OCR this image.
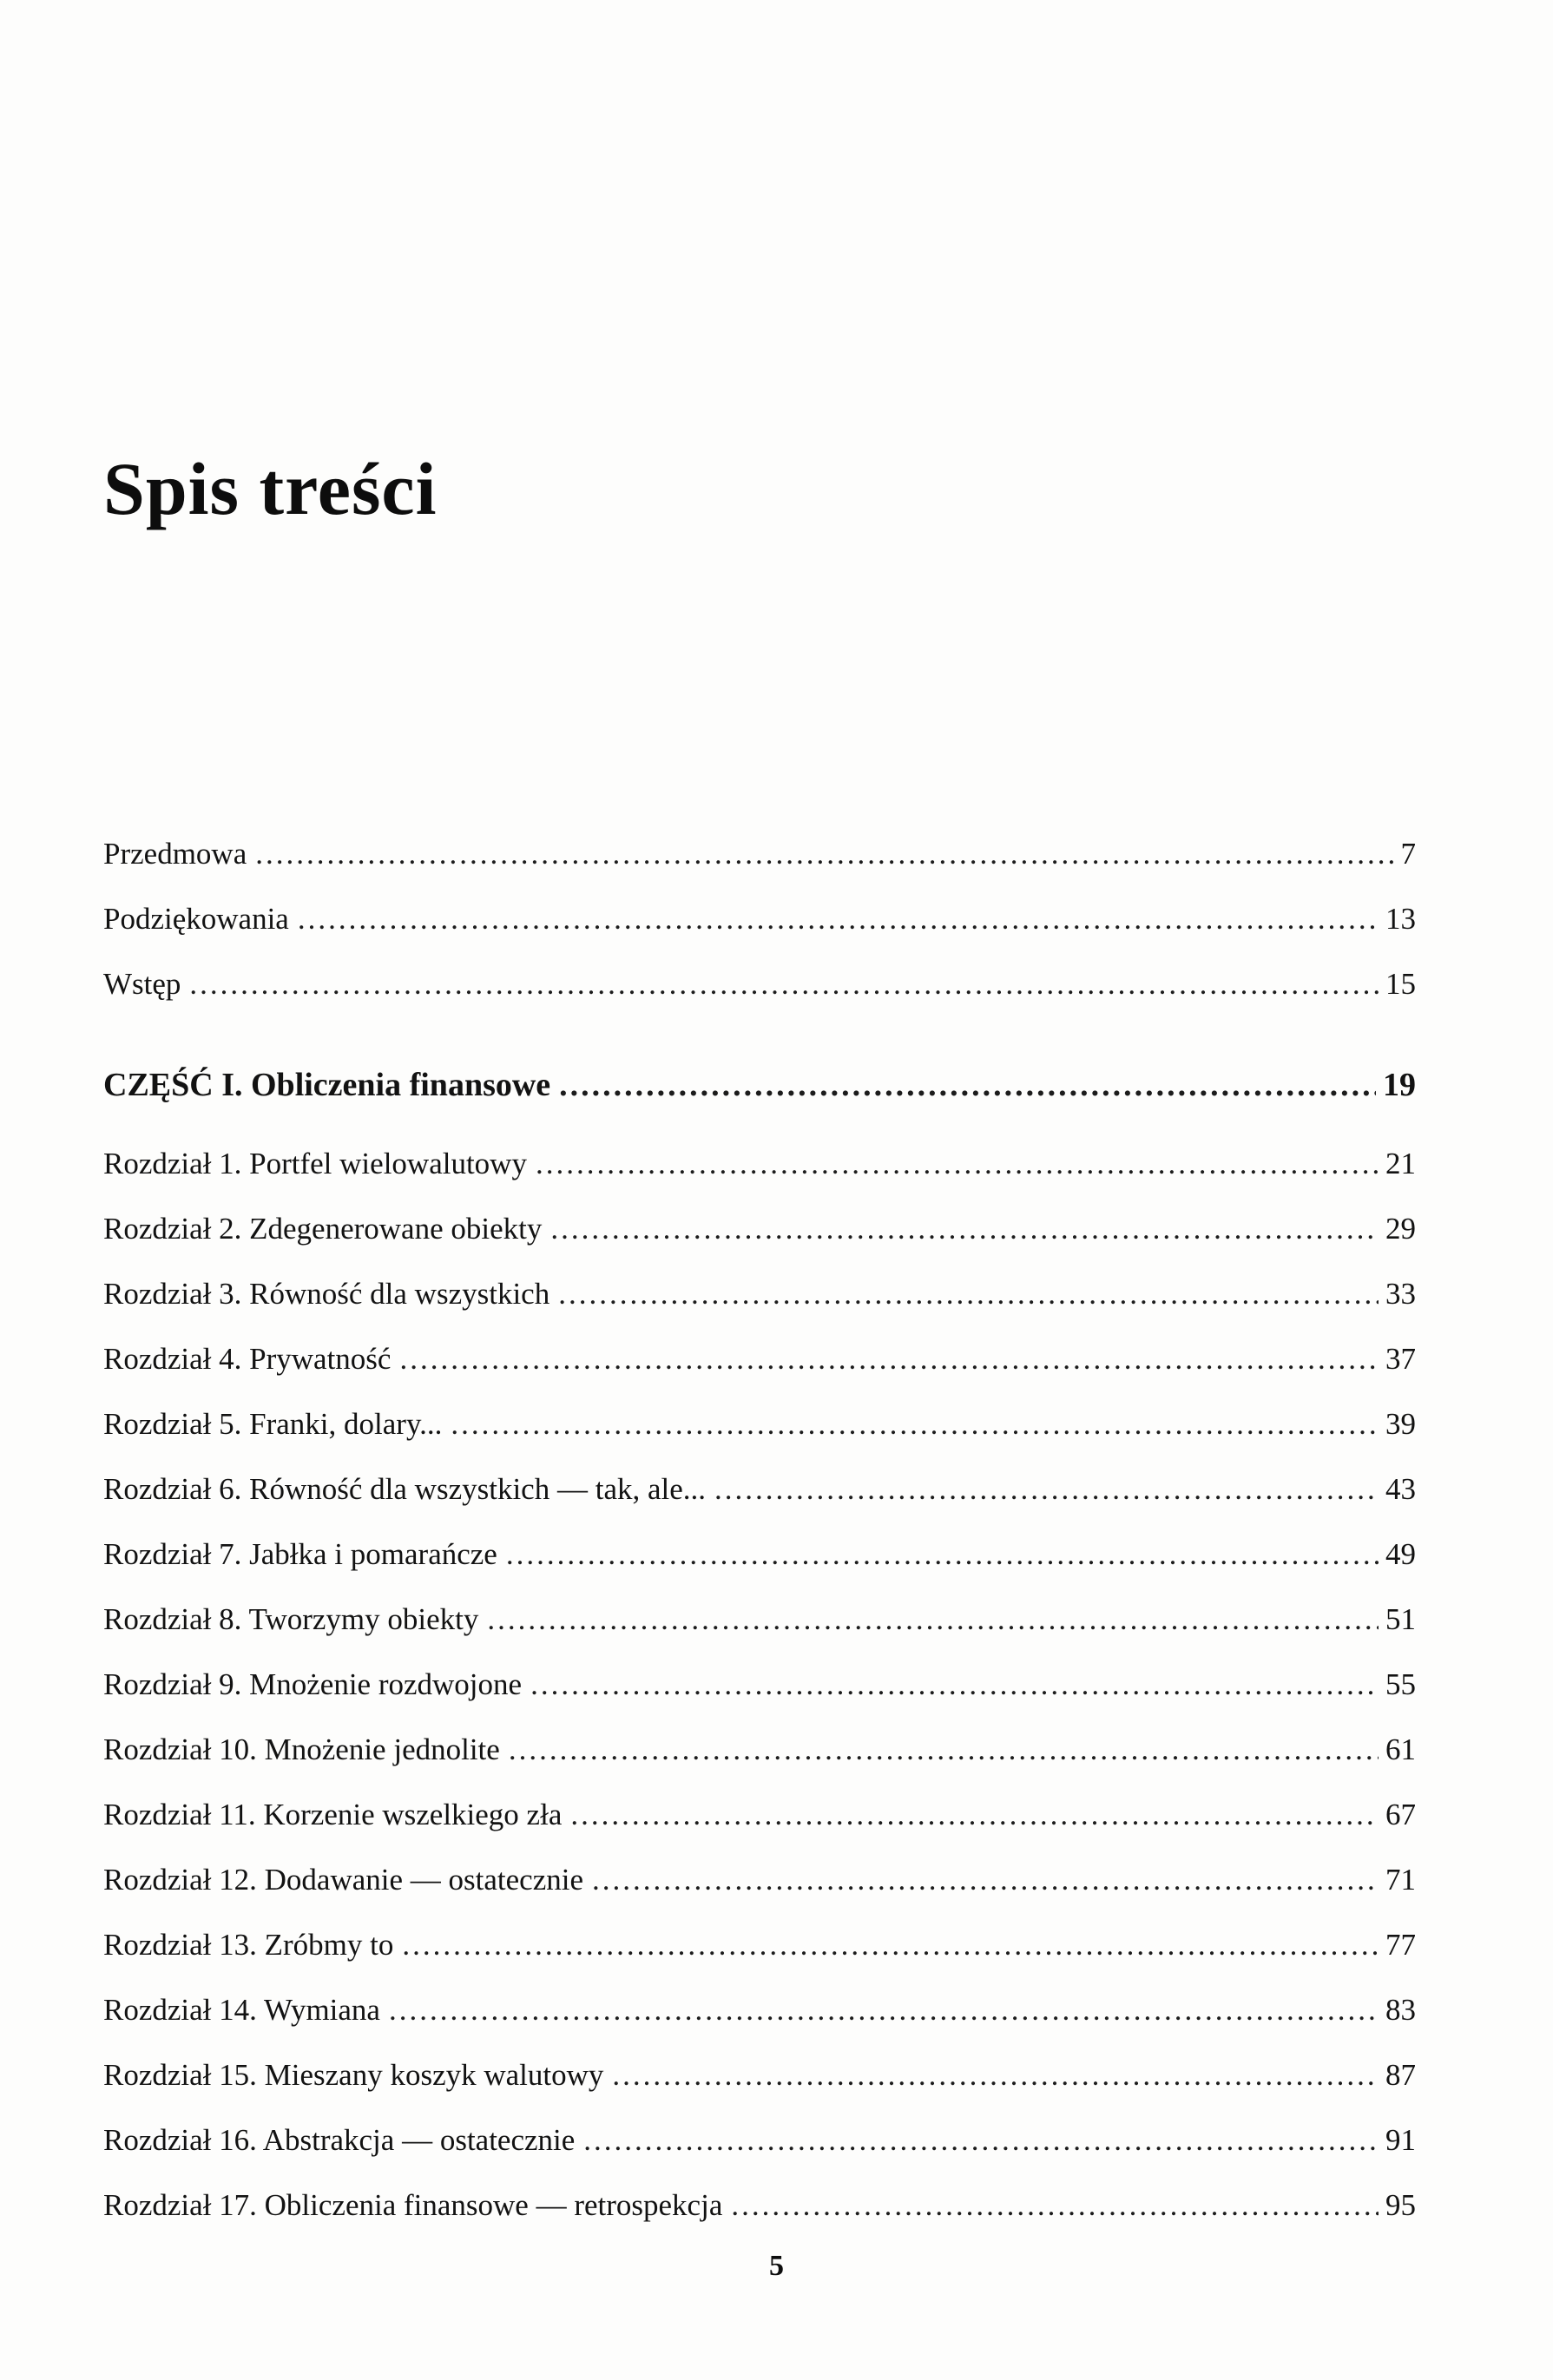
Spis treści
Przedmowa .....	7
Podziękowania .....	13
Wstęp .....	15
CZĘŚĆ I. Obliczenia finansowe .....	19
Rozdział 1. Portfel wielowalutowy .....	21
Rozdział 2. Zdegenerowane obiekty .....	29
Rozdział 3. Równość dla wszystkich .....	33
Rozdział 4. Prywatność .....	37
Rozdział 5. Franki, dolary... .....	39
Rozdział 6. Równość dla wszystkich — tak, ale... .....	43
Rozdział 7. Jabłka i pomarańcze .....	49
Rozdział 8. Tworzymy obiekty .....	51
Rozdział 9. Mnożenie rozdwojone .....	55
Rozdział 10. Mnożenie jednolite .....	61
Rozdział 11. Korzenie wszelkiego zła .....	67
Rozdział 12. Dodawanie — ostatecznie .....	71
Rozdział 13. Zróbmy to .....	77
Rozdział 14. Wymiana .....	83
Rozdział 15. Mieszany koszyk walutowy .....	87
Rozdział 16. Abstrakcja — ostatecznie .....	91
Rozdział 17. Obliczenia finansowe — retrospekcja .....	95
5
